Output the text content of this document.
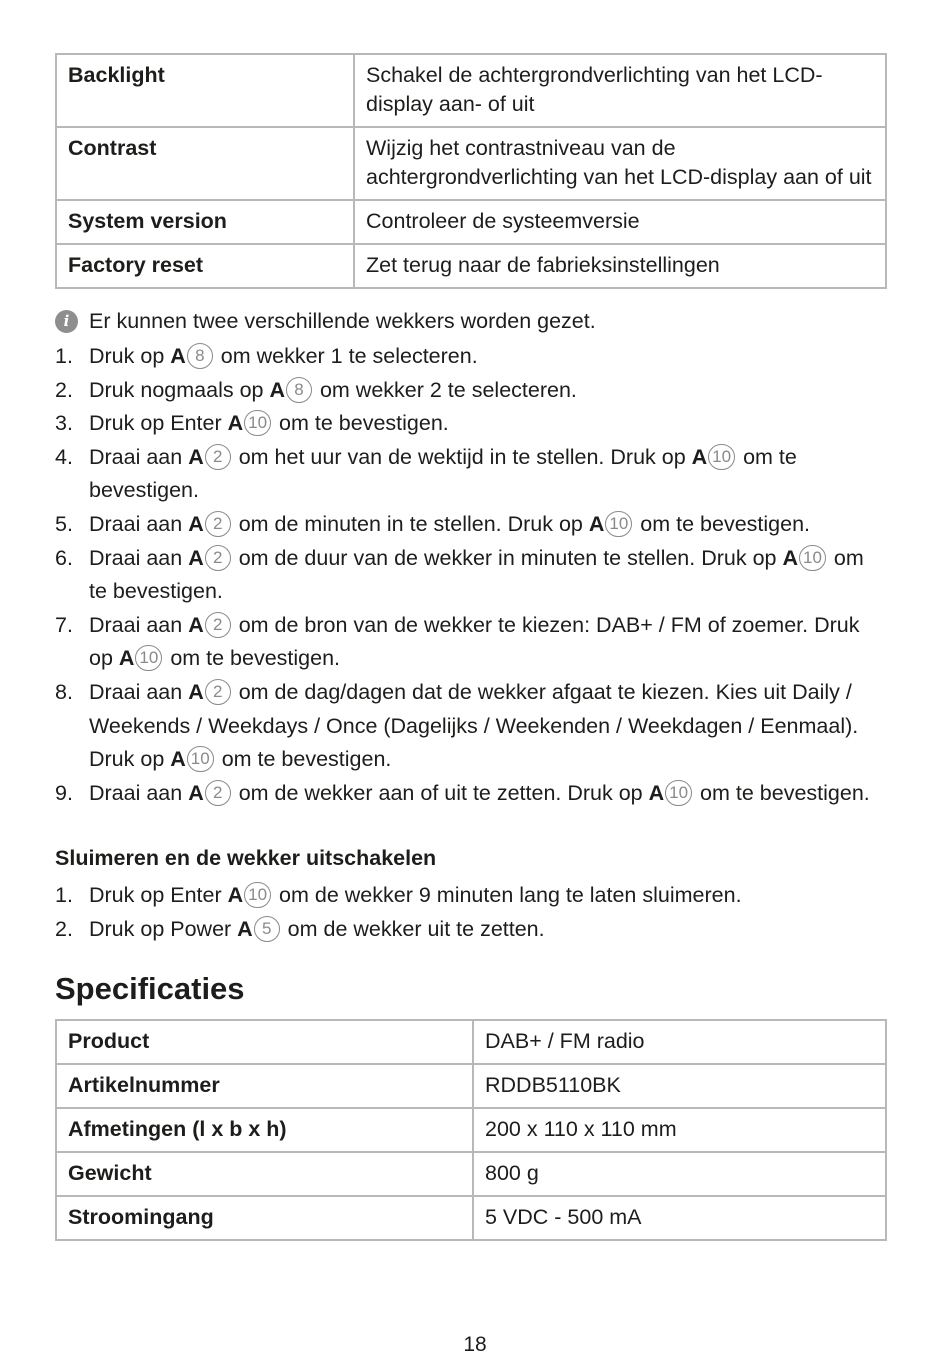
Backlight	Schakel de achtergrondverlichting van het LCD-display aan- of uit
Contrast	Wijzig het contrastniveau van de achtergrondverlichting van het LCD-display aan of uit
System version	Controleer de systeemversie
Factory reset	Zet terug naar de fabrieksinstellingen
i Er kunnen twee verschillende wekkers worden gezet.
1. Druk op A 8 om wekker 1 te selecteren.
2. Druk nogmaals op A 8 om wekker 2 te selecteren.
3. Druk op Enter A 10 om te bevestigen.
4. Draai aan A 2 om het uur van de wektijd in te stellen. Druk op A 10 om te bevestigen.
5. Draai aan A 2 om de minuten in te stellen. Druk op A 10 om te bevestigen.
6. Draai aan A 2 om de duur van de wekker in minuten te stellen. Druk op A 10 om te bevestigen.
7. Draai aan A 2 om de bron van de wekker te kiezen: DAB+ / FM of zoemer. Druk op A 10 om te bevestigen.
8. Draai aan A 2 om de dag/dagen dat de wekker afgaat te kiezen. Kies uit Daily / Weekends / Weekdays / Once (Dagelijks / Weekenden / Weekdagen / Eenmaal). Druk op A 10 om te bevestigen.
9. Draai aan A 2 om de wekker aan of uit te zetten. Druk op A 10 om te bevestigen.
Sluimeren en de wekker uitschakelen
1. Druk op Enter A 10 om de wekker 9 minuten lang te laten sluimeren.
2. Druk op Power A 5 om de wekker uit te zetten.
Specificaties
Product	DAB+ / FM radio
Artikelnummer	RDDB5110BK
Afmetingen (l x b x h)	200 x 110 x 110 mm
Gewicht	800 g
Stroomingang	5 VDC - 500 mA
18
